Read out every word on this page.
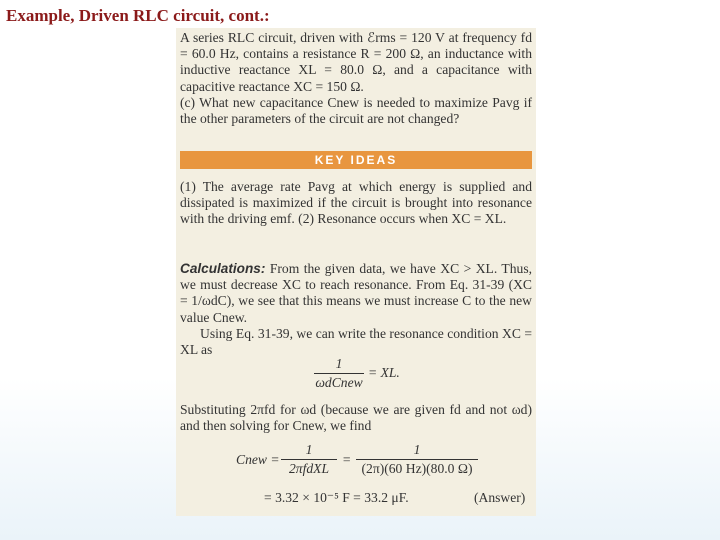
Example, Driven RLC circuit, cont.:

A series RLC circuit, driven with ℰrms = 120 V at frequency fd = 60.0 Hz, contains a resistance R = 200 Ω, an inductance with inductive reactance XL = 80.0 Ω, and a capacitance with capacitive reactance XC = 150 Ω.

(c) What new capacitance Cnew is needed to maximize Pavg if the other parameters of the circuit are not changed?

KEY IDEAS
(1) The average rate Pavg at which energy is supplied and dissipated is maximized if the circuit is brought into resonance with the driving emf. (2) Resonance occurs when XC = XL.

Calculations: From the given data, we have XC > XL. Thus, we must decrease XC to reach resonance. From Eq. 31-39 (XC = 1/ωdC), we see that this means we must increase C to the new value Cnew.

Using Eq. 31-39, we can write the resonance condition XC = XL as

1
ωdCnew
= XL.
Substituting 2πfd for ωd (because we are given fd and not ωd) and then solving for Cnew, we find
Cnew =
1
2πfdXL
=
1
(2π)(60 Hz)(80.0 Ω)
= 3.32 × 10⁻⁵ F = 33.2 μF.	(Answer)
